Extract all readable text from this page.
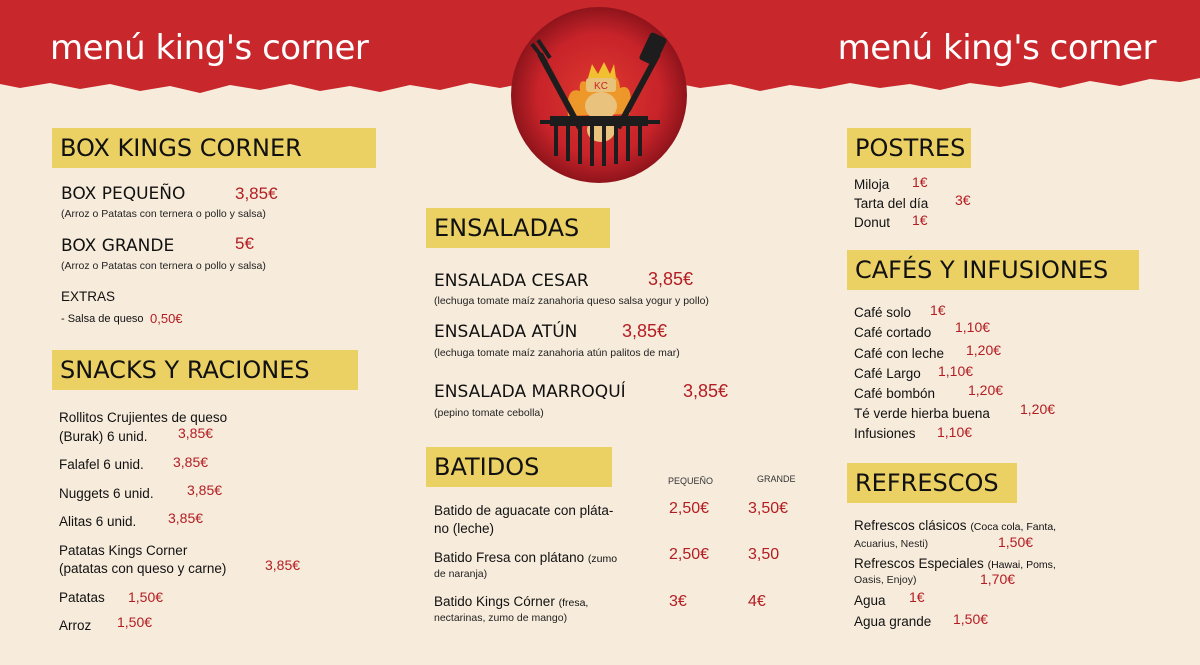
menú king's corner	menú king's corner
KC
BOX KINGS CORNER
BOX PEQUEÑO	3,85€
(Arroz o Patatas con ternera o pollo y salsa)
BOX GRANDE	5€
(Arroz o Patatas con ternera o pollo y salsa)
EXTRAS
- Salsa de queso 0,50€
SNACKS Y RACIONES
Rollitos Crujientes de queso
(Burak) 6 unid. 3,85€
Falafel 6 unid. 3,85€
Nuggets 6 unid. 3,85€
Alitas 6 unid. 3,85€
Patatas Kings Corner
(patatas con queso y carne)	3,85€
Patatas 1,50€
Arroz 1,50€
ENSALADAS
ENSALADA CESAR	3,85€
(lechuga tomate maíz zanahoria queso salsa yogur y pollo)
ENSALADA ATÚN 3,85€
(lechuga tomate maíz zanahoria atún palitos de mar)
ENSALADA MARROQUÍ	3,85€
(pepino tomate cebolla)
BATIDOS	PEQUEÑO	GRANDE
Batido de aguacate con plátа-
no (leche)
2,50€ 3,50€
Batido Fresa con plátano (zumo
de naranja)
2,50€ 3,50
Batido Kings Córner (fresa,
nectarinas, zumo de mango)
3€	4€
POSTRES
Miloja 1€
Tarta del día 3€
Donut 1€
CAFÉS Y INFUSIONES
Café solo 1€
Café cortado 1,10€
Café con leche 1,20€
Café Largo 1,10€
Café bombón 1,20€
Té verde hierba buena 1,20€
Infusiones 1,10€
REFRESCOS
Refrescos clásicos (Coca cola, Fanta,
Acuarius, Nesti)	1,50€
Refrescos Especiales (Hawai, Poms,
Oasis, Enjoy)	1,70€
Agua 1€
Agua grande 1,50€
